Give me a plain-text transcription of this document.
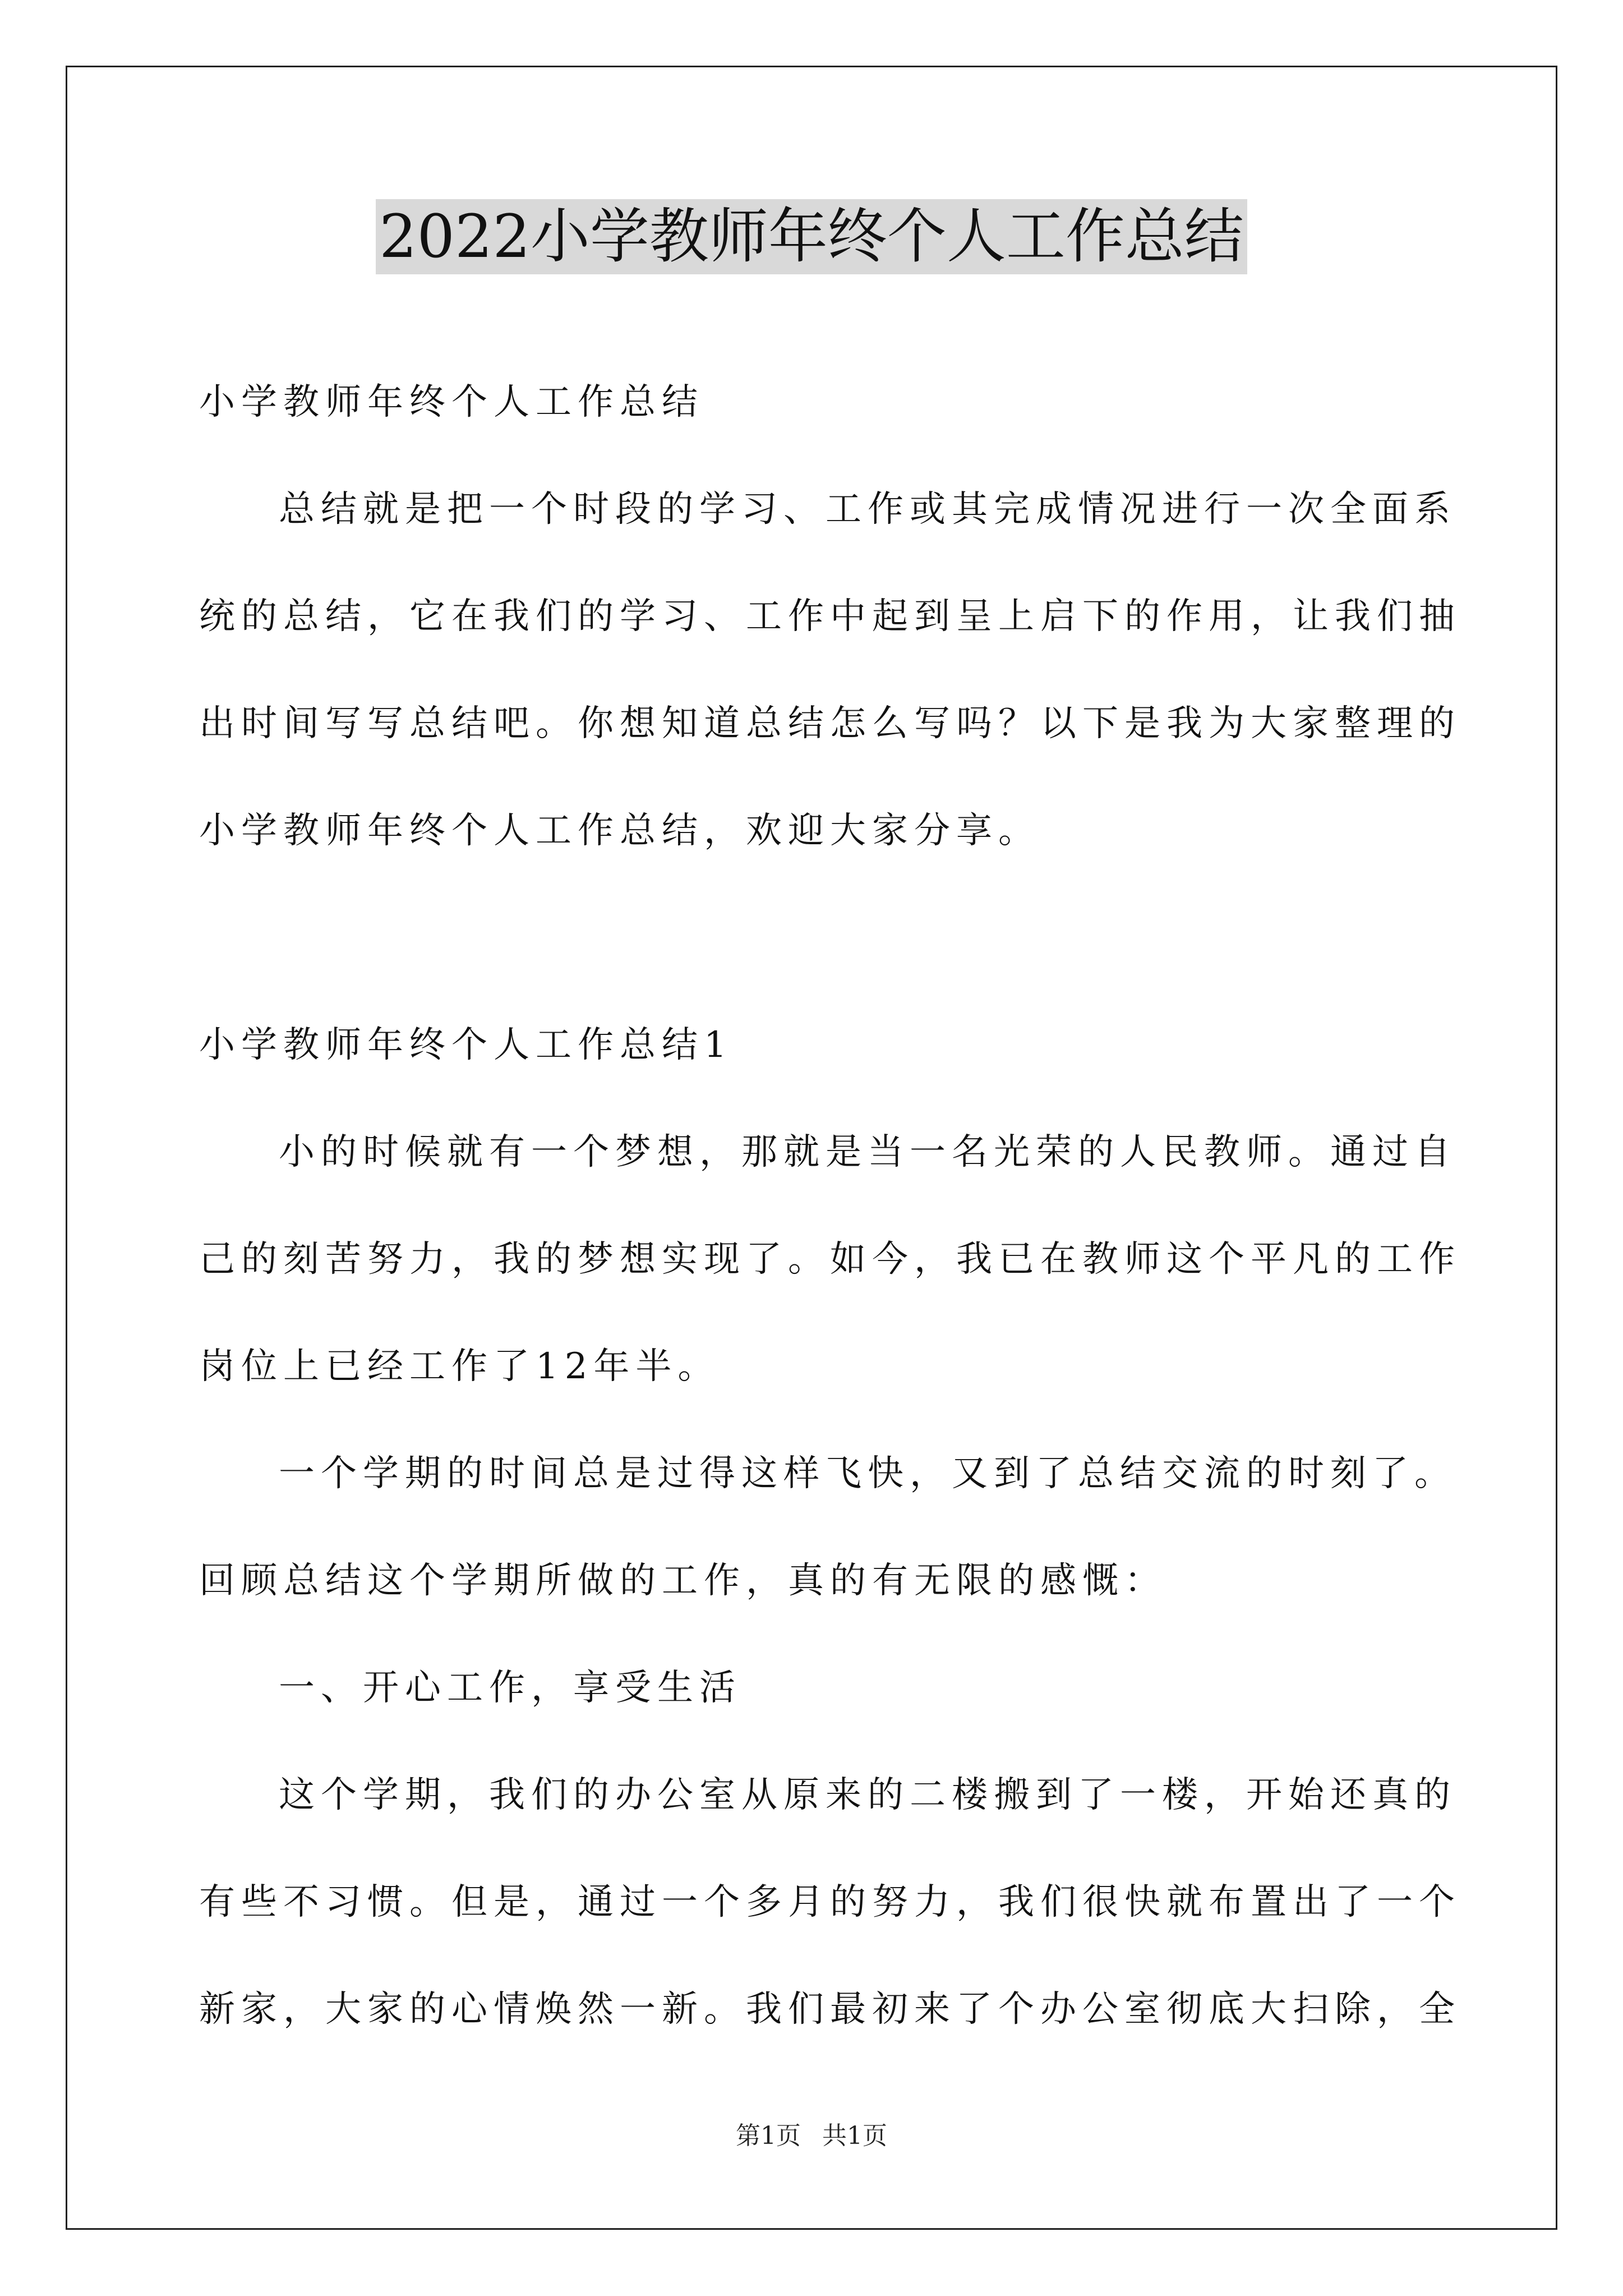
2022小学教师年终个人工作总结
小学教师年终个人工作总结
总结就是把一个时段的学习、工作或其完成情况进行一次全面系
统的总结，它在我们的学习、工作中起到呈上启下的作用，让我们抽
出时间写写总结吧。你想知道总结怎么写吗？以下是我为大家整理的
小学教师年终个人工作总结，欢迎大家分享。
小学教师年终个人工作总结1
小的时候就有一个梦想，那就是当一名光荣的人民教师。通过自
己的刻苦努力，我的梦想实现了。如今，我已在教师这个平凡的工作
岗位上已经工作了12年半。
一个学期的时间总是过得这样飞快，又到了总结交流的时刻了。
回顾总结这个学期所做的工作，真的有无限的感慨：
一、开心工作，享受生活
这个学期，我们的办公室从原来的二楼搬到了一楼，开始还真的
有些不习惯。但是，通过一个多月的努力，我们很快就布置出了一个
新家，大家的心情焕然一新。我们最初来了个办公室彻底大扫除，全
第1页 共1页
